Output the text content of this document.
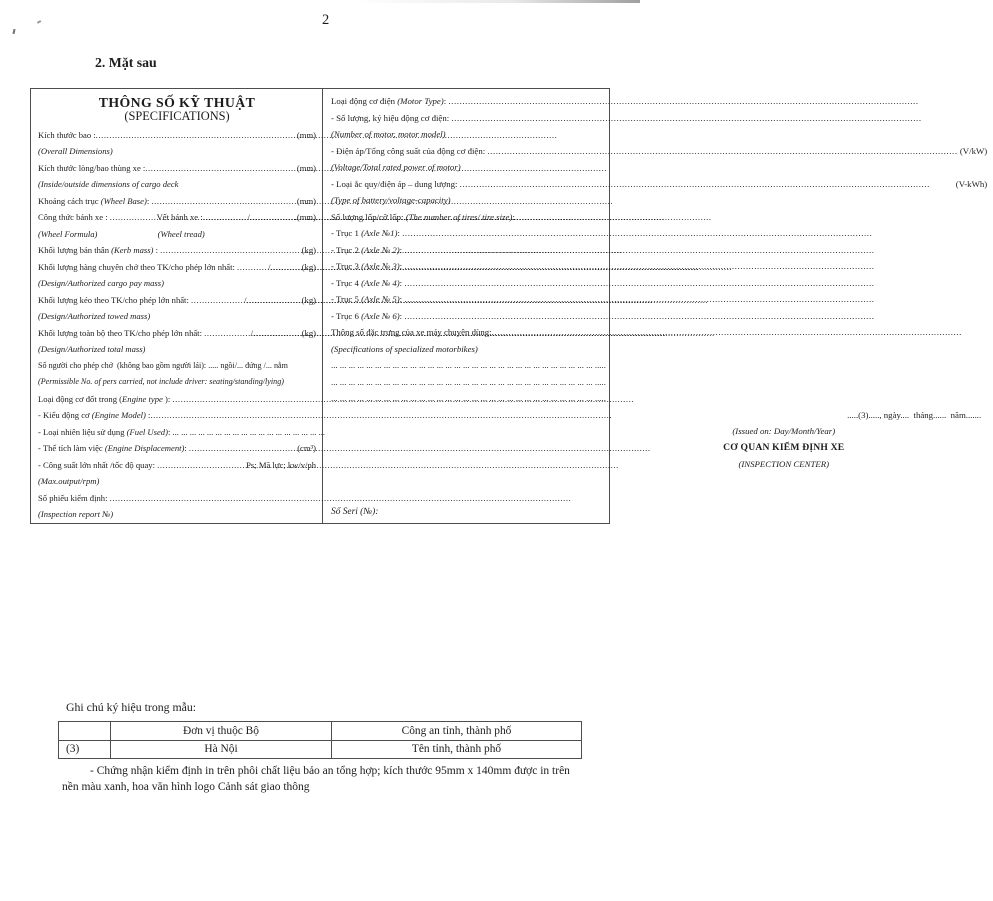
2
2. Mặt sau
THÔNG SỐ KỸ THUẬT
(SPECIFICATIONS)
Kích thước bao : .....	(mm)
(Overall Dimensions)
Kích thước lòng/bao thùng xe : .....	(mm)
(Inside/outside dimensions of cargo deck
Khoảng cách trục (Wheel Base) : .....	(mm)
Công thức bánh xe : .....	Vết bánh xe : .....	/ .....	.(mm)
(Wheel Formula)                            (Wheel tread)
Khối lượng bản thân (Kerb mass) : .....	(kg)
Khối lượng hàng chuyên chở theo TK/cho phép lớn nhất: .....	/ .....	(kg)
(Design/Authorized cargo pay mass)
Khối lượng kéo theo TK/cho phép lớn nhất: .....	/ .....	(kg)
(Design/Authorized towed mass)
Khối lượng toàn bộ theo TK/cho phép lớn nhất: .....	/ .....	(kg)
(Design/Authorized total mass)
Số người cho phép chở  (không bao gồm người lái): ..... ngồi/... đứng /... nằm
(Permissible No. of pers carried, not include driver: seating/standing/lying)
Loại động cơ đốt trong ( Engine type ):
.....
- Kiểu động cơ (Engine Model) :
.....
- Loại nhiên liệu sử dụng (Fuel Used) : ... ... ... ... ... ... ... ... ... ... ... ... ... ... ... ... ... ...
- Thể tích làm việc (Engine Displacement) : .....	(cm³)
- Công suất lớn nhất /tốc độ quay: .....	Ps; Mã lực; kw/v/ph
(Max.output/rpm)
Số phiếu kiểm định:
.....
(Inspection report №)
Loại động cơ điện (Motor Type) :
.....
- Số lượng, ký hiệu động cơ điện:
.....
(Number of motor, motor model)
- Điện áp/Tổng công suất của động cơ điện: .....	(V/kW)
(Voltage/Total rated power of motor)
- Loại ắc quy/điện áp – dung lượng: .....	(V-kWh)
(Type of battery/voltage-capacity)
Số lượng lốp/cỡ lốp: (The number of tires/ tire size) :
- Trục 1 (Axle №1) :
.....
- Trục 2 (Axle № 2) :
.....
- Trục 3 (Axle № 3) :
.....
- Trục 4 (Axle № 4) :
.....
- Trục 5 (Axle № 5) :
.....
- Trục 6 (Axle № 6) :
.....
Thông số đặc trưng của xe máy chuyên dùng:
.....
(Specifications of specialized motorbikes)
... ... ... ... ... ... ... ... ... ... ... ... ... ... ... ... ... ... ... ... ... ... ... ... ... ... ... ... ... ... .....
... ... ... ... ... ... ... ... ... ... ... ... ... ... ... ... ... ... ... ... ... ... ... ... ... ... ... ... ... ... .....
... ... ... ... ... ... ... ... ... ... ... ... ... ... ... ... ... ... ... ... ... ... ... ... ... ... ... ... ... ... .....
.....(3)....., ngày....  tháng......  năm.......
(Issued on: Day/Month/Year)
CƠ QUAN KIỂM ĐỊNH XE
(INSPECTION CENTER)
Số Seri (№):
Ghi chú ký hiệu trong mẫu:
	Đơn vị thuộc Bộ	Công an tỉnh, thành phố
(3)	Hà Nội	Tên tỉnh, thành phố
- Chứng nhận kiểm định in trên phôi chất liệu bảo an tổng hợp; kích thước 95mm x 140mm được in trên nền màu xanh, hoa văn hình logo Cảnh sát giao thông
